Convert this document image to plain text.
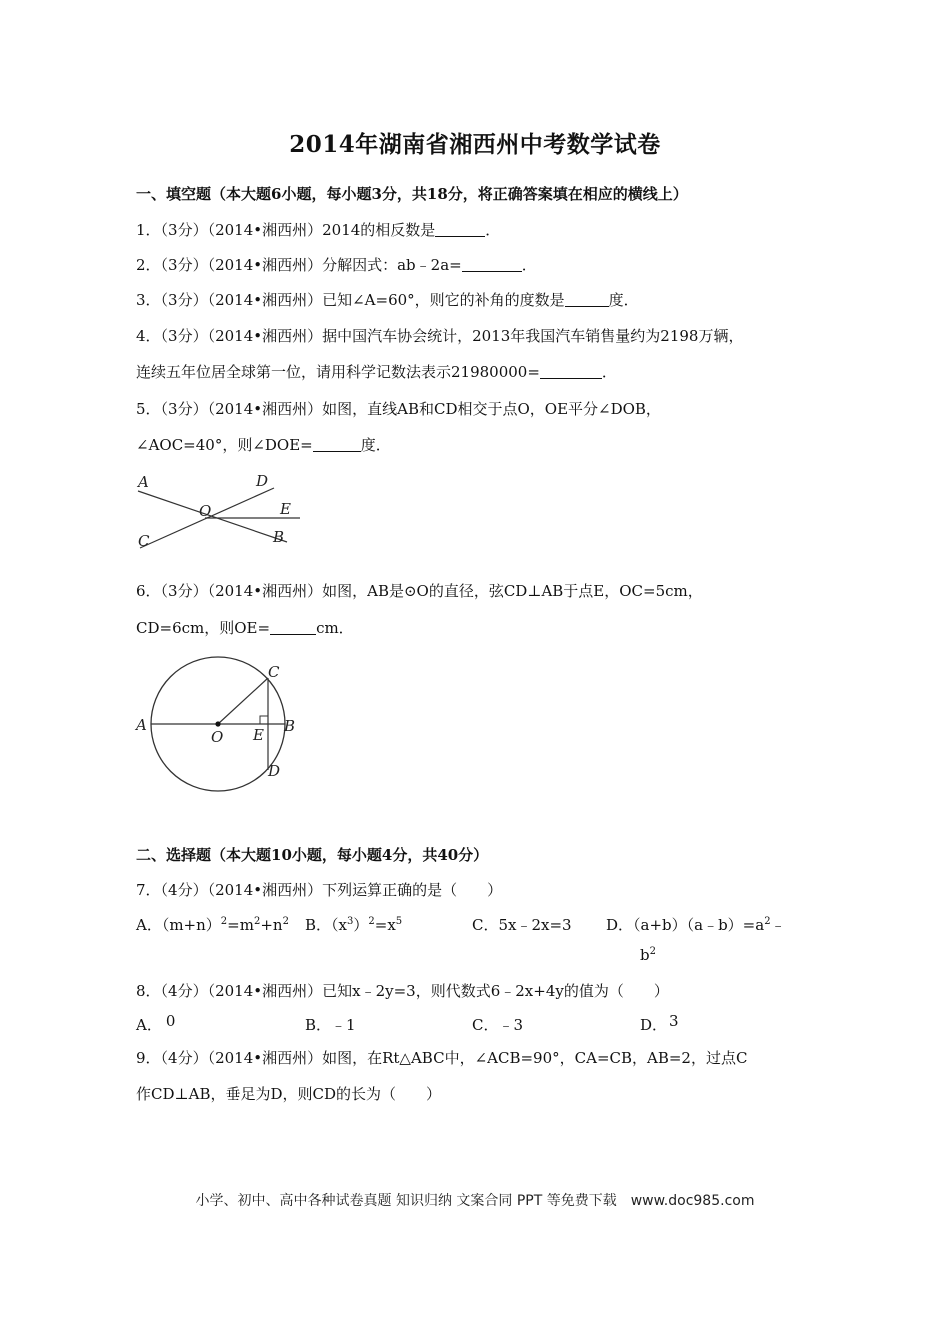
2014年湖南省湘西州中考数学试卷
一、填空题（本大题6小题，每小题3分，共18分，将正确答案填在相应的横线上）
1．（3分）（2014•湘西州）2014的相反数是	．
2．（3分）（2014•湘西州）分解因式：ab﹣2a=	．
3．（3分）（2014•湘西州）已知∠A=60°，则它的补角的度数是	度．
4．（3分）（2014•湘西州）据中国汽车协会统计，2013年我国汽车销售量约为2198万辆，
连续五年位居全球第一位，请用科学记数法表示21980000=	．
5．（3分）（2014•湘西州）如图，直线AB和CD相交于点O，OE平分∠DOB，
∠AOC=40°，则∠DOE=	度．
A	D
O	E
C	B
6．（3分）（2014•湘西州）如图，AB是⊙O的直径，弦CD⊥AB于点E，OC=5cm，
CD=6cm，则OE=	cm．
A
O E B
C
D
二、选择题（本大题10小题，每小题4分，共40分）
7．（4分）（2014•湘西州）下列运算正确的是（　　）
A．$(m+n)^2=m^2+n^2$ B．$(x^3)^2=x^5$	C．5x﹣2x=3 D．$(a+b)(a﹣b)=a^2﹣$
$b^2$
8．（4分）（2014•湘西州）已知x﹣2y=3，则代数式6﹣2x+4y的值为（　　）
A． 0	B．﹣1	C．﹣3	D． 3
9．（4分）（2014•湘西州）如图，在Rt△ABC中，∠ACB=90°，CA=CB，AB=2，过点C
作CD⊥AB，垂足为D，则CD的长为（　　）
小学、初中、高中各种试卷真题 知识归纳 文案合同 PPT 等免费下载　www.doc985.com
